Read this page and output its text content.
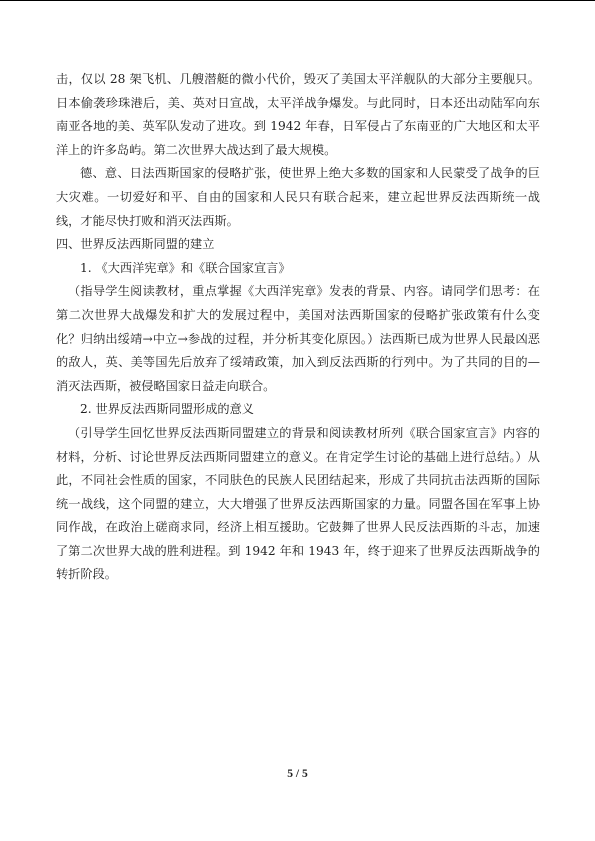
击，仅以 28 架飞机、几艘潜艇的微小代价，毁灭了美国太平洋舰队的大部分主要舰只。日本偷袭珍珠港后，美、英对日宣战，太平洋战争爆发。与此同时，日本还出动陆军向东南亚各地的美、英军队发动了进攻。到 1942 年春，日军侵占了东南亚的广大地区和太平洋上的许多岛屿。第二次世界大战达到了最大规模。

德、意、日法西斯国家的侵略扩张，使世界上绝大多数的国家和人民蒙受了战争的巨大灾难。一切爱好和平、自由的国家和人民只有联合起来，建立起世界反法西斯统一战线，才能尽快打败和消灭法西斯。

四、世界反法西斯同盟的建立

1. 《大西洋宪章》和《联合国家宣言》

（指导学生阅读教材，重点掌握《大西洋宪章》发表的背景、内容。请同学们思考：在第二次世界大战爆发和扩大的发展过程中，美国对法西斯国家的侵略扩张政策有什么变化？归纳出绥靖→中立→参战的过程，并分析其变化原因。）法西斯已成为世界人民最凶恶的敌人，英、美等国先后放弃了绥靖政策，加入到反法西斯的行列中。为了共同的目的—消灭法西斯，被侵略国家日益走向联合。

2. 世界反法西斯同盟形成的意义

（引导学生回忆世界反法西斯同盟建立的背景和阅读教材所列《联合国家宣言》内容的材料，分析、讨论世界反法西斯同盟建立的意义。在肯定学生讨论的基础上进行总结。）从此，不同社会性质的国家，不同肤色的民族人民团结起来，形成了共同抗击法西斯的国际统一战线，这个同盟的建立，大大增强了世界反法西斯国家的力量。同盟各国在军事上协同作战，在政治上磋商求同，经济上相互援助。它鼓舞了世界人民反法西斯的斗志，加速了第二次世界大战的胜利进程。到 1942 年和 1943 年，终于迎来了世界反法西斯战争的转折阶段。

5 / 5
